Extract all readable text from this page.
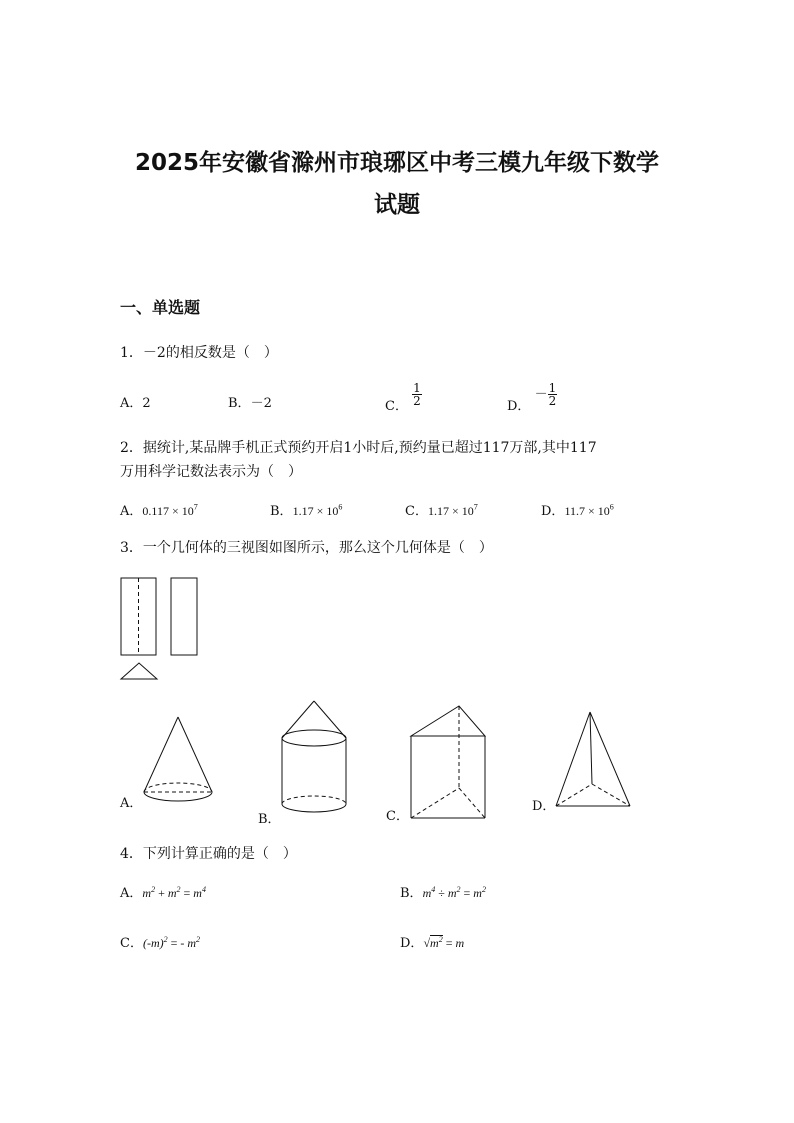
2025年安徽省滁州市琅琊区中考三模九年级下数学
试题
一、单选题
1．－2的相反数是（　）
A．2	B．－2	C． $\frac{1}{2}$	D． － $\frac{1}{2}$
2．据统计,某品牌手机正式预约开启1小时后,预约量已超过117万部,其中117
万用科学记数法表示为（　）
A．$0.117 \times 10^7$	B．$1.17 \times 10^6$	C．$1.17 \times 10^7$	D．$11.7 \times 10^6$
3．一个几何体的三视图如图所示，那么这个几何体是（　）
A．
B．	C．
D．
4．下列计算正确的是（　）
A．$m^2 + m^2 = m^4$	B．$m^4 \div m^2 = m^2$
C．$(-m)^2$ = - $m^2$	D．$√m^2 = m$
